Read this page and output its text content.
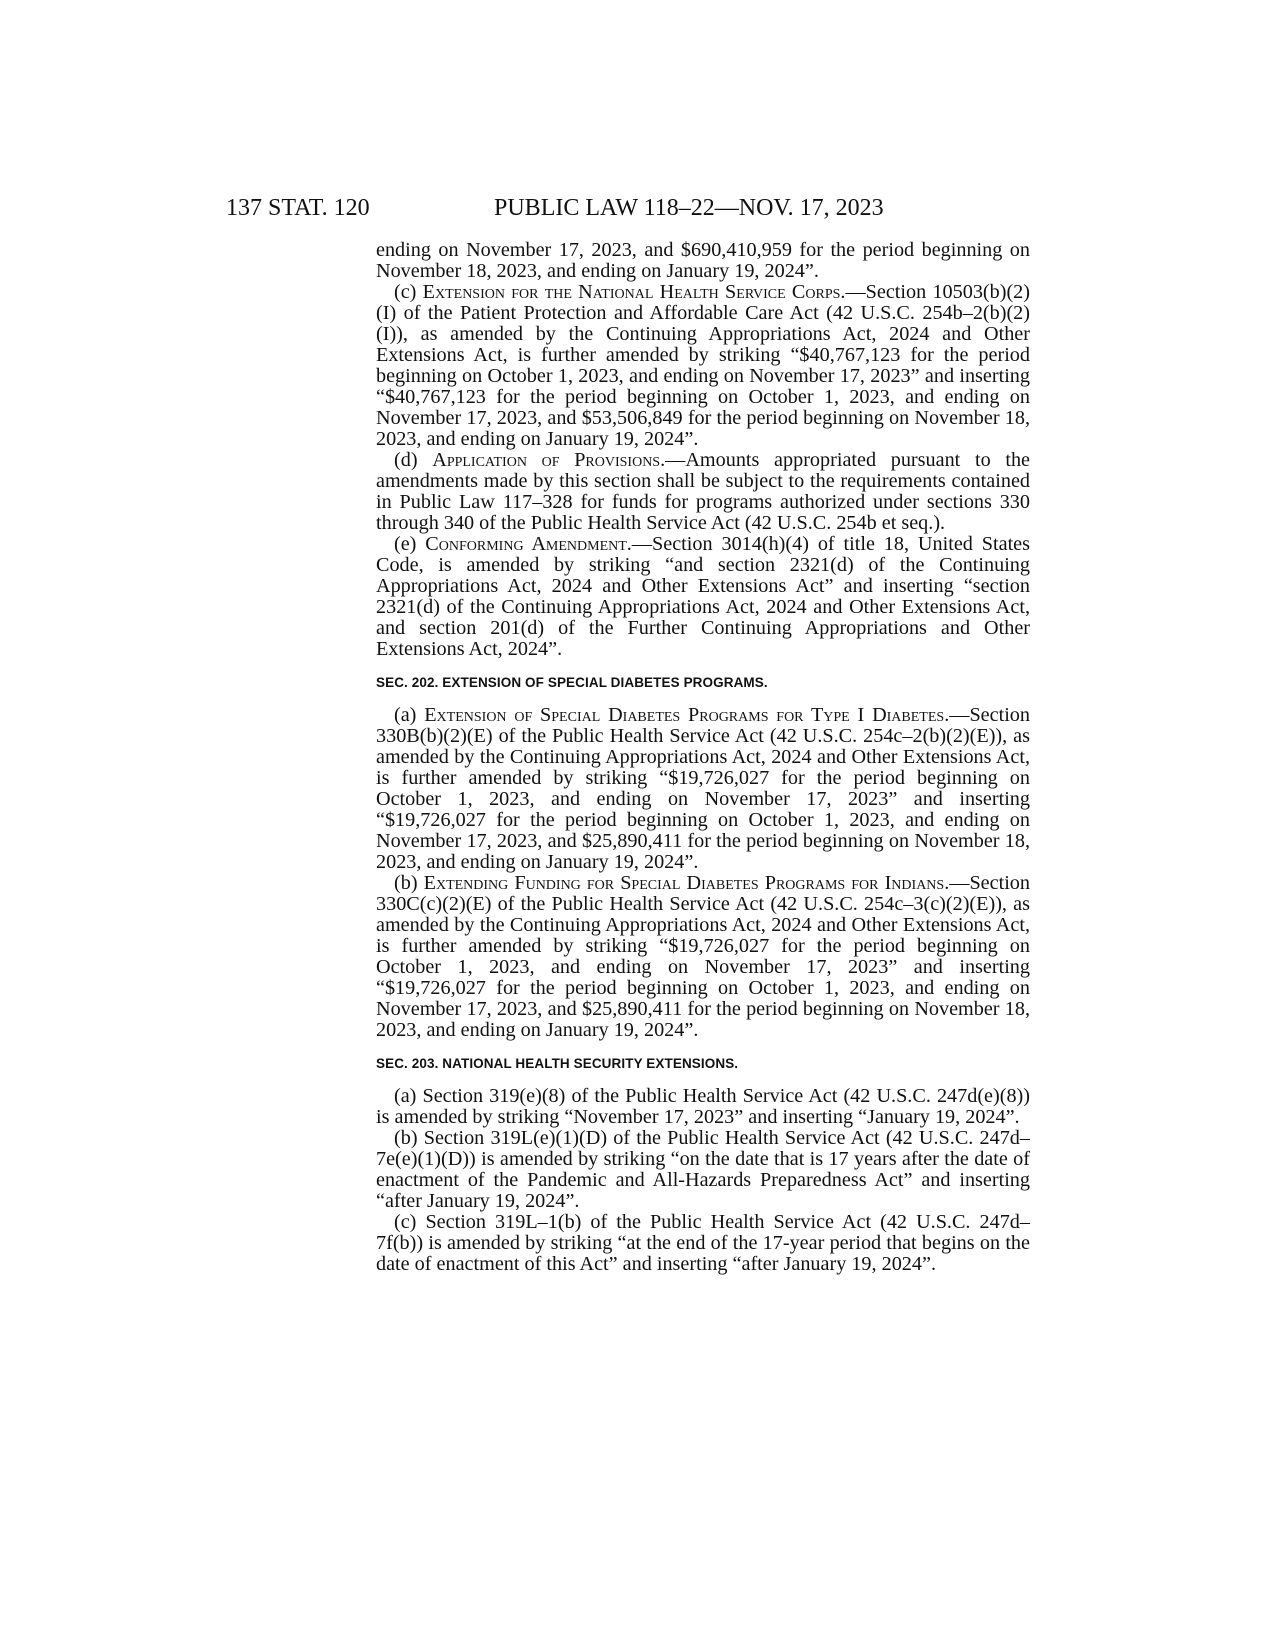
137 STAT. 120	PUBLIC LAW 118–22—NOV. 17, 2023

ending on November 17, 2023, and $690,410,959 for the period beginning on November 18, 2023, and ending on January 19, 2024”.

(c) Extension for the National Health Service Corps.—Section 10503(b)(2)(I) of the Patient Protection and Affordable Care Act (42 U.S.C. 254b–2(b)(2)(I)), as amended by the Continuing Appropriations Act, 2024 and Other Extensions Act, is further amended by striking “$40,767,123 for the period beginning on October 1, 2023, and ending on November 17, 2023” and inserting “$40,767,123 for the period beginning on October 1, 2023, and ending on November 17, 2023, and $53,506,849 for the period beginning on November 18, 2023, and ending on January 19, 2024”.

(d) Application of Provisions.—Amounts appropriated pursuant to the amendments made by this section shall be subject to the requirements contained in Public Law 117–328 for funds for programs authorized under sections 330 through 340 of the Public Health Service Act (42 U.S.C. 254b et seq.).

(e) Conforming Amendment.—Section 3014(h)(4) of title 18, United States Code, is amended by striking “and section 2321(d) of the Continuing Appropriations Act, 2024 and Other Extensions Act” and inserting “section 2321(d) of the Continuing Appropriations Act, 2024 and Other Extensions Act, and section 201(d) of the Further Continuing Appropriations and Other Extensions Act, 2024”.

SEC. 202. EXTENSION OF SPECIAL DIABETES PROGRAMS.

(a) Extension of Special Diabetes Programs for Type I Diabetes.—Section 330B(b)(2)(E) of the Public Health Service Act (42 U.S.C. 254c–2(b)(2)(E)), as amended by the Continuing Appropriations Act, 2024 and Other Extensions Act, is further amended by striking “$19,726,027 for the period beginning on October 1, 2023, and ending on November 17, 2023” and inserting “$19,726,027 for the period beginning on October 1, 2023, and ending on November 17, 2023, and $25,890,411 for the period beginning on November 18, 2023, and ending on January 19, 2024”.

(b) Extending Funding for Special Diabetes Programs for Indians.—Section 330C(c)(2)(E) of the Public Health Service Act (42 U.S.C. 254c–3(c)(2)(E)), as amended by the Continuing Appropriations Act, 2024 and Other Extensions Act, is further amended by striking “$19,726,027 for the period beginning on October 1, 2023, and ending on November 17, 2023” and inserting “$19,726,027 for the period beginning on October 1, 2023, and ending on November 17, 2023, and $25,890,411 for the period beginning on November 18, 2023, and ending on January 19, 2024”.

SEC. 203. NATIONAL HEALTH SECURITY EXTENSIONS.

(a) Section 319(e)(8) of the Public Health Service Act (42 U.S.C. 247d(e)(8)) is amended by striking “November 17, 2023” and inserting “January 19, 2024”.

(b) Section 319L(e)(1)(D) of the Public Health Service Act (42 U.S.C. 247d–7e(e)(1)(D)) is amended by striking “on the date that is 17 years after the date of enactment of the Pandemic and All-Hazards Preparedness Act” and inserting “after January 19, 2024”.

(c) Section 319L–1(b) of the Public Health Service Act (42 U.S.C. 247d–7f(b)) is amended by striking “at the end of the 17-year period that begins on the date of enactment of this Act” and inserting “after January 19, 2024”.
